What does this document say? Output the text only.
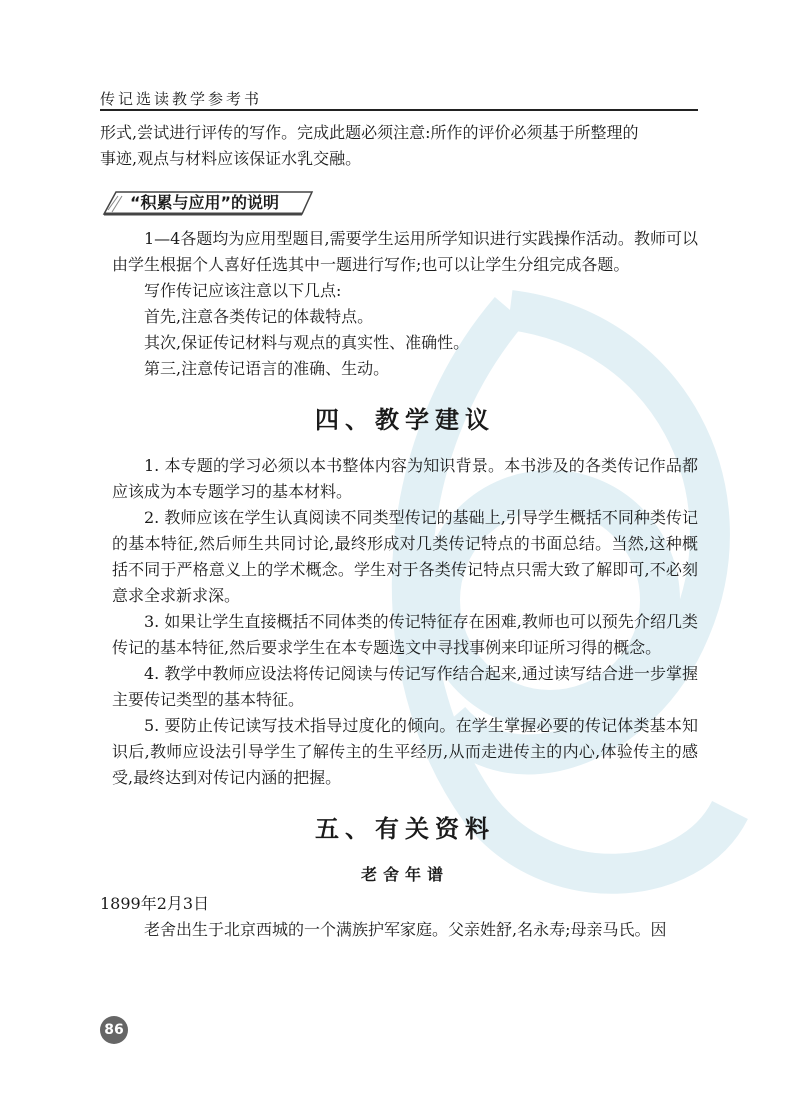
传记选读教学参考书

形式,尝试进行评传的写作。完成此题必须注意:所作的评价必须基于所整理的

事迹,观点与材料应该保证水乳交融。

“积累与应用”的说明

1—4各题均为应用型题目,需要学生运用所学知识进行实践操作活动。教师可以由学生根据个人喜好任选其中一题进行写作;也可以让学生分组完成各题。

写作传记应该注意以下几点:

首先,注意各类传记的体裁特点。

其次,保证传记材料与观点的真实性、准确性。

第三,注意传记语言的准确、生动。

四、教学建议

1. 本专题的学习必须以本书整体内容为知识背景。本书涉及的各类传记作品都应该成为本专题学习的基本材料。

2. 教师应该在学生认真阅读不同类型传记的基础上,引导学生概括不同种类传记的基本特征,然后师生共同讨论,最终形成对几类传记特点的书面总结。当然,这种概括不同于严格意义上的学术概念。学生对于各类传记特点只需大致了解即可,不必刻意求全求新求深。

3. 如果让学生直接概括不同体类的传记特征存在困难,教师也可以预先介绍几类传记的基本特征,然后要求学生在本专题选文中寻找事例来印证所习得的概念。

4. 教学中教师应设法将传记阅读与传记写作结合起来,通过读写结合进一步掌握主要传记类型的基本特征。

5. 要防止传记读写技术指导过度化的倾向。在学生掌握必要的传记体类基本知识后,教师应设法引导学生了解传主的生平经历,从而走进传主的内心,体验传主的感受,最终达到对传记内涵的把握。

五、有关资料
老舍年谱
1899年2月3日

老舍出生于北京西城的一个满族护军家庭。父亲姓舒,名永寿;母亲马氏。因

86
